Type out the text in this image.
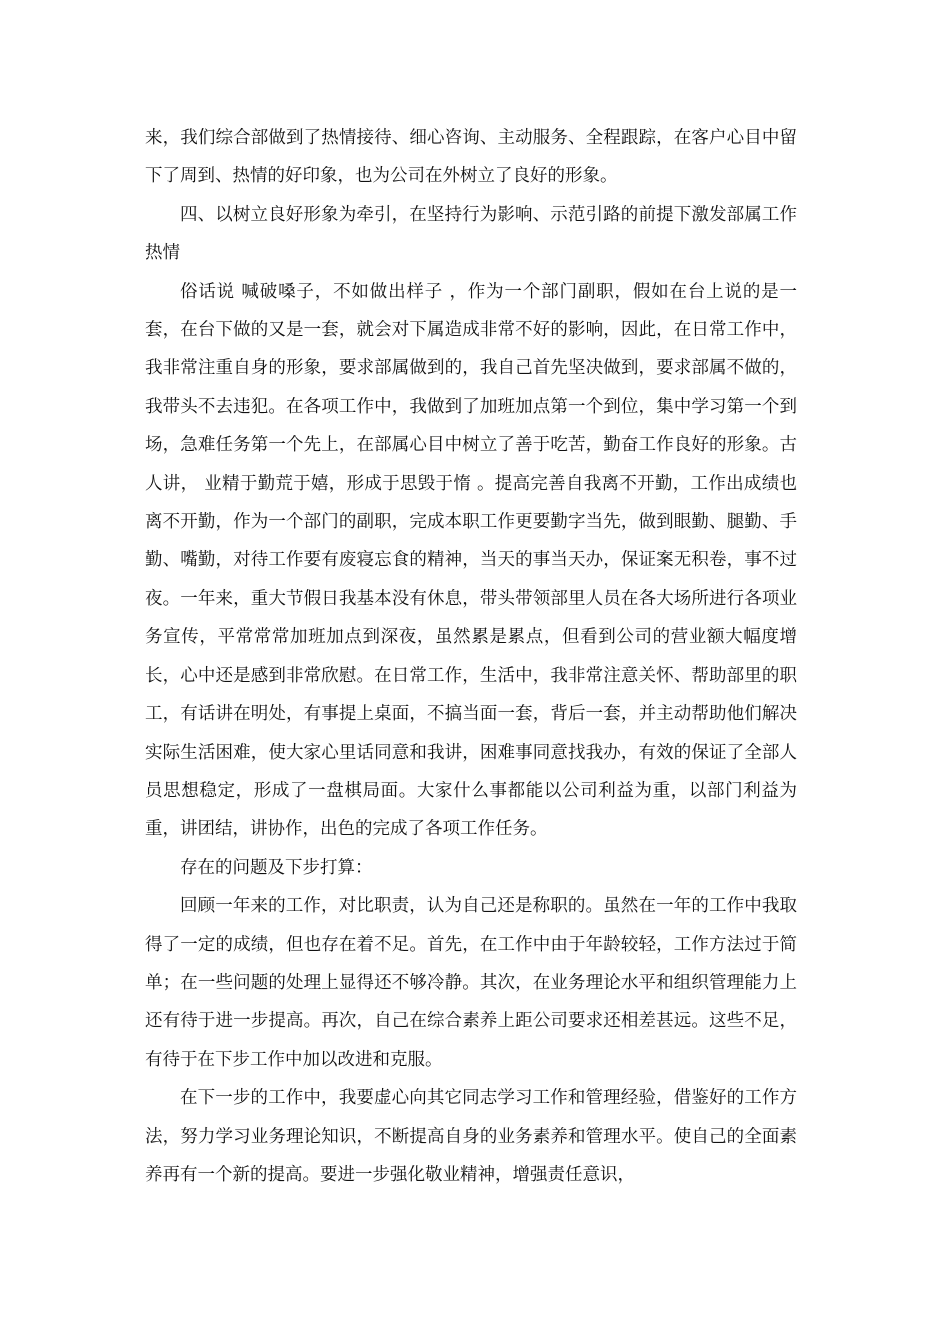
来，我们综合部做到了热情接待、细心咨询、主动服务、全程跟踪，在客户心目中留下了周到、热情的好印象，也为公司在外树立了良好的形象。

四、以树立良好形象为牵引，在坚持行为影响、示范引路的前提下激发部属工作热情

俗话说 喊破嗓子，不如做出样子 ，作为一个部门副职，假如在台上说的是一套，在台下做的又是一套，就会对下属造成非常不好的影响，因此，在日常工作中，我非常注重自身的形象，要求部属做到的，我自己首先坚决做到，要求部属不做的，我带头不去违犯。在各项工作中，我做到了加班加点第一个到位，集中学习第一个到场，急难任务第一个先上，在部属心目中树立了善于吃苦，勤奋工作良好的形象。古人讲， 业精于勤荒于嬉，形成于思毁于惰 。提高完善自我离不开勤，工作出成绩也离不开勤，作为一个部门的副职，完成本职工作更要勤字当先，做到眼勤、腿勤、手勤、嘴勤，对待工作要有废寝忘食的精神，当天的事当天办，保证案无积卷，事不过夜。一年来，重大节假日我基本没有休息，带头带领部里人员在各大场所进行各项业务宣传，平常常常加班加点到深夜，虽然累是累点，但看到公司的营业额大幅度增长，心中还是感到非常欣慰。在日常工作，生活中，我非常注意关怀、帮助部里的职工，有话讲在明处，有事提上桌面，不搞当面一套，背后一套，并主动帮助他们解决实际生活困难，使大家心里话同意和我讲，困难事同意找我办，有效的保证了全部人员思想稳定，形成了一盘棋局面。大家什么事都能以公司利益为重，以部门利益为重，讲团结，讲协作，出色的完成了各项工作任务。

存在的问题及下步打算：

回顾一年来的工作，对比职责，认为自己还是称职的。虽然在一年的工作中我取得了一定的成绩，但也存在着不足。首先，在工作中由于年龄较轻，工作方法过于简单；在一些问题的处理上显得还不够冷静。其次，在业务理论水平和组织管理能力上还有待于进一步提高。再次，自己在综合素养上距公司要求还相差甚远。这些不足，有待于在下步工作中加以改进和克服。

在下一步的工作中，我要虚心向其它同志学习工作和管理经验，借鉴好的工作方法，努力学习业务理论知识，不断提高自身的业务素养和管理水平。使自己的全面素养再有一个新的提高。要进一步强化敬业精神，增强责任意识，
